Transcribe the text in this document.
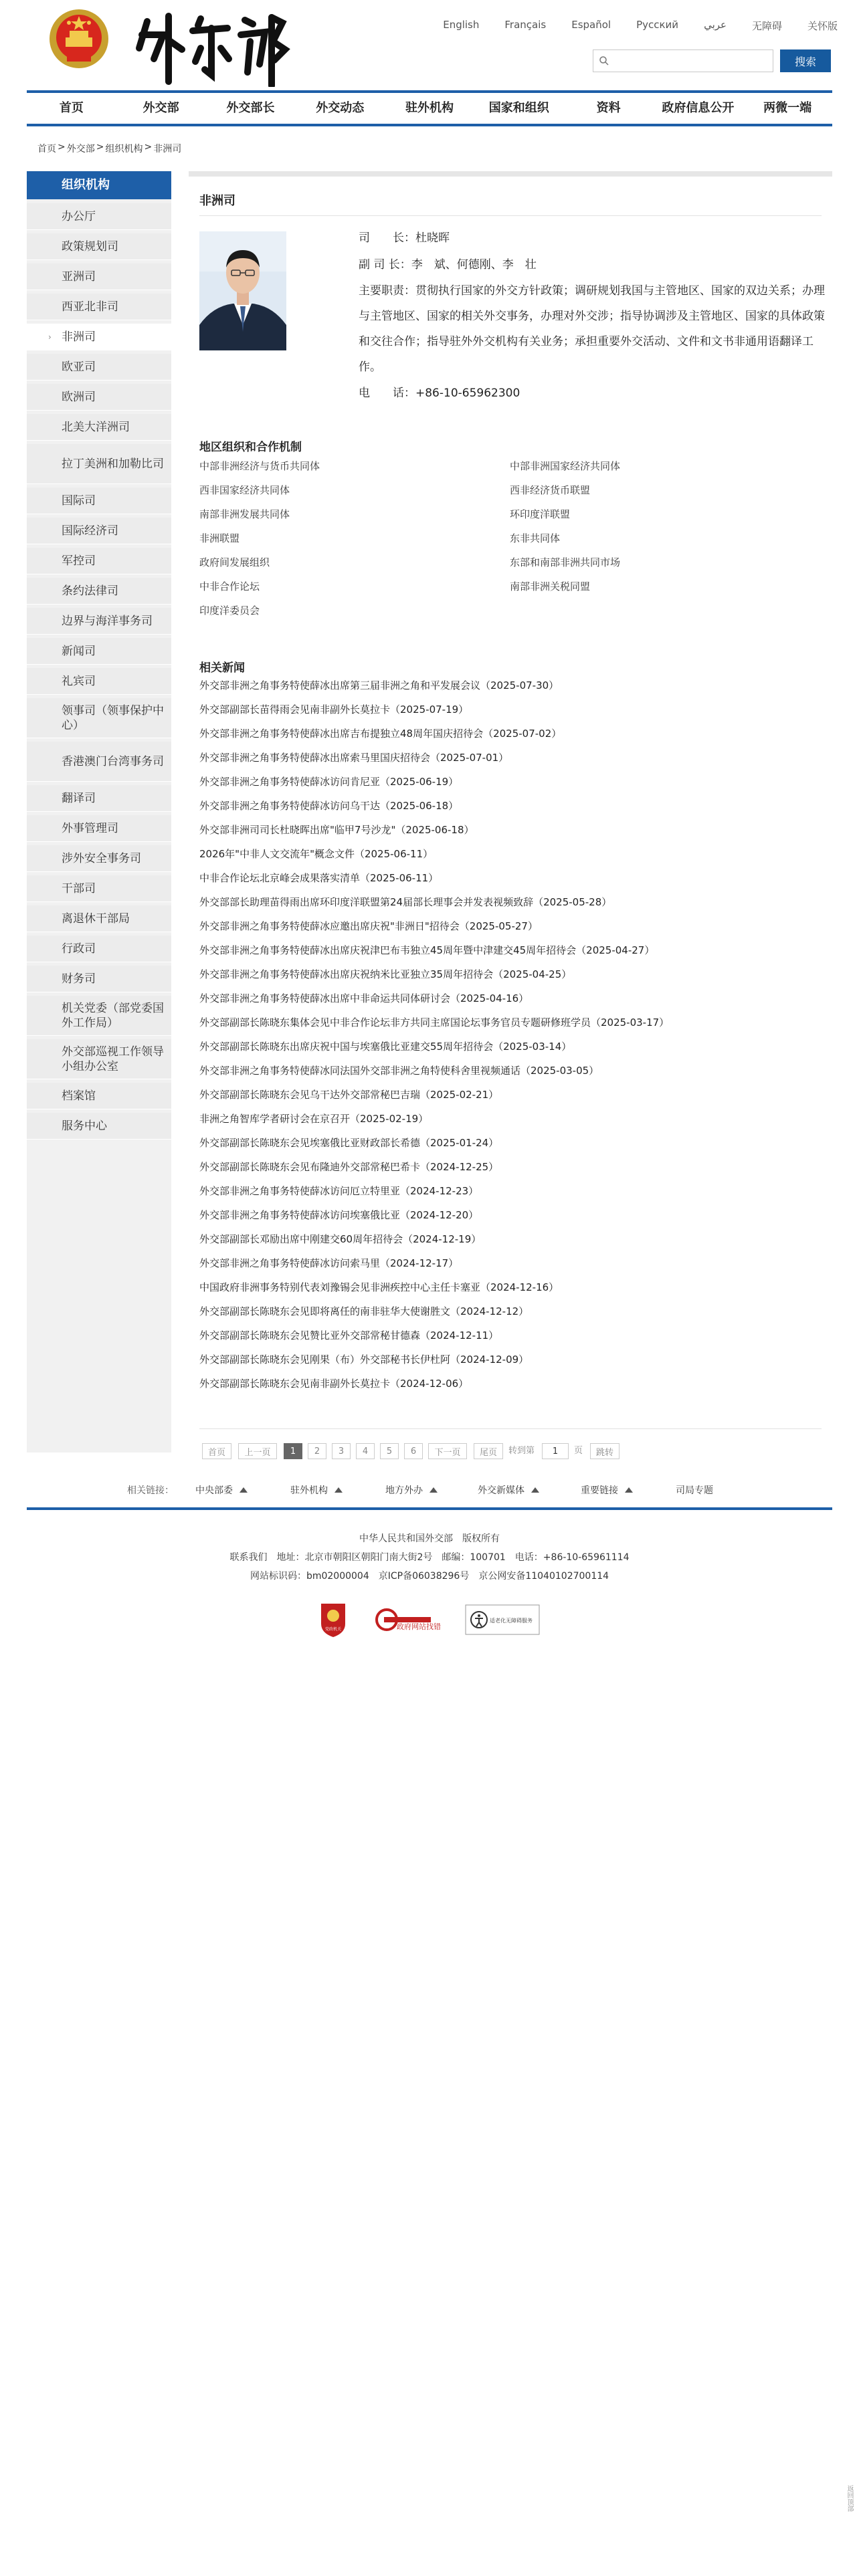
English	Français	Español	Русский	عربي	无障碍	关怀版
搜索
首页	外交部	外交部长	外交动态	驻外机构	国家和组织	资料	政府信息公开	两微一端
首页 > 外交部 > 组织机构 > 非洲司
组织机构
办公厅
政策规划司
亚洲司
西亚北非司
› 非洲司
欧亚司
欧洲司
北美大洋洲司
拉丁美洲和加勒比司
国际司
国际经济司
军控司
条约法律司
边界与海洋事务司
新闻司
礼宾司
领事司（领事保护中心）
香港澳门台湾事务司
翻译司
外事管理司
涉外安全事务司
干部司
离退休干部局
行政司
财务司
机关党委（部党委国外工作局）
外交部巡视工作领导小组办公室
档案馆
服务中心
非洲司
司　　长： 杜晓晖
副 司 长： 李　斌、何德刚、李　壮
主要职责：贯彻执行国家的外交方针政策；调研规划我国与主管地区、国家的双边关系；办理与主管地区、国家的相关外交事务，办理对外交涉；指导协调涉及主管地区、国家的具体政策和交往合作；指导驻外外交机构有关业务；承担重要外交活动、文件和文书非通用语翻译工作。
电　　话： +86-10-65962300
地区组织和合作机制
中部非洲经济与货币共同体	中部非洲国家经济共同体
西非国家经济共同体	西非经济货币联盟
南部非洲发展共同体	环印度洋联盟
非洲联盟	东非共同体
政府间发展组织	东部和南部非洲共同市场
中非合作论坛	南部非洲关税同盟
印度洋委员会
相关新闻
外交部非洲之角事务特使薛冰出席第三届非洲之角和平发展会议（2025-07-30）
外交部副部长苗得雨会见南非副外长莫拉卡（2025-07-19）
外交部非洲之角事务特使薛冰出席吉布提独立48周年国庆招待会（2025-07-02）
外交部非洲之角事务特使薛冰出席索马里国庆招待会（2025-07-01）
外交部非洲之角事务特使薛冰访问肯尼亚（2025-06-19）
外交部非洲之角事务特使薛冰访问乌干达（2025-06-18）
外交部非洲司司长杜晓晖出席"临甲7号沙龙"（2025-06-18）
2026年"中非人文交流年"概念文件（2025-06-11）
中非合作论坛北京峰会成果落实清单（2025-06-11）
外交部部长助理苗得雨出席环印度洋联盟第24届部长理事会并发表视频致辞（2025-05-28）
外交部非洲之角事务特使薛冰应邀出席庆祝"非洲日"招待会（2025-05-27）
外交部非洲之角事务特使薛冰出席庆祝津巴布韦独立45周年暨中津建交45周年招待会（2025-04-27）
外交部非洲之角事务特使薛冰出席庆祝纳米比亚独立35周年招待会（2025-04-25）
外交部非洲之角事务特使薛冰出席中非命运共同体研讨会（2025-04-16）
外交部副部长陈晓东集体会见中非合作论坛非方共同主席国论坛事务官员专题研修班学员（2025-03-17）
外交部副部长陈晓东出席庆祝中国与埃塞俄比亚建交55周年招待会（2025-03-14）
外交部非洲之角事务特使薛冰同法国外交部非洲之角特使科舍里视频通话（2025-03-05）
外交部副部长陈晓东会见乌干达外交部常秘巴吉瑞（2025-02-21）
非洲之角智库学者研讨会在京召开（2025-02-19）
外交部副部长陈晓东会见埃塞俄比亚财政部长希德（2025-01-24）
外交部副部长陈晓东会见布隆迪外交部常秘巴希卡（2024-12-25）
外交部非洲之角事务特使薛冰访问厄立特里亚（2024-12-23）
外交部非洲之角事务特使薛冰访问埃塞俄比亚（2024-12-20）
外交部副部长邓励出席中刚建交60周年招待会（2024-12-19）
外交部非洲之角事务特使薛冰访问索马里（2024-12-17）
中国政府非洲事务特别代表刘豫锡会见非洲疾控中心主任卡塞亚（2024-12-16）
外交部副部长陈晓东会见即将离任的南非驻华大使谢胜文（2024-12-12）
外交部副部长陈晓东会见赞比亚外交部常秘甘德森（2024-12-11）
外交部副部长陈晓东会见刚果（布）外交部秘书长伊杜阿（2024-12-09）
外交部副部长陈晓东会见南非副外长莫拉卡（2024-12-06）
首页	上一页	1	2	3	4	5	6	下一页	尾页	转到第	1	页	跳转
相关链接： 中央部委	驻外机构	地方外办	外交新媒体	重要链接	司局专题
中华人民共和国外交部　版权所有
联系我们　地址：北京市朝阳区朝阳门南大街2号　邮编：100701　电话：+86-10-65961114
网站标识码：bm02000004　京ICP备06038296号　京公网安备11040102700114
党政机关	政府网站找错
适老化无障碍服务
返回顶部
